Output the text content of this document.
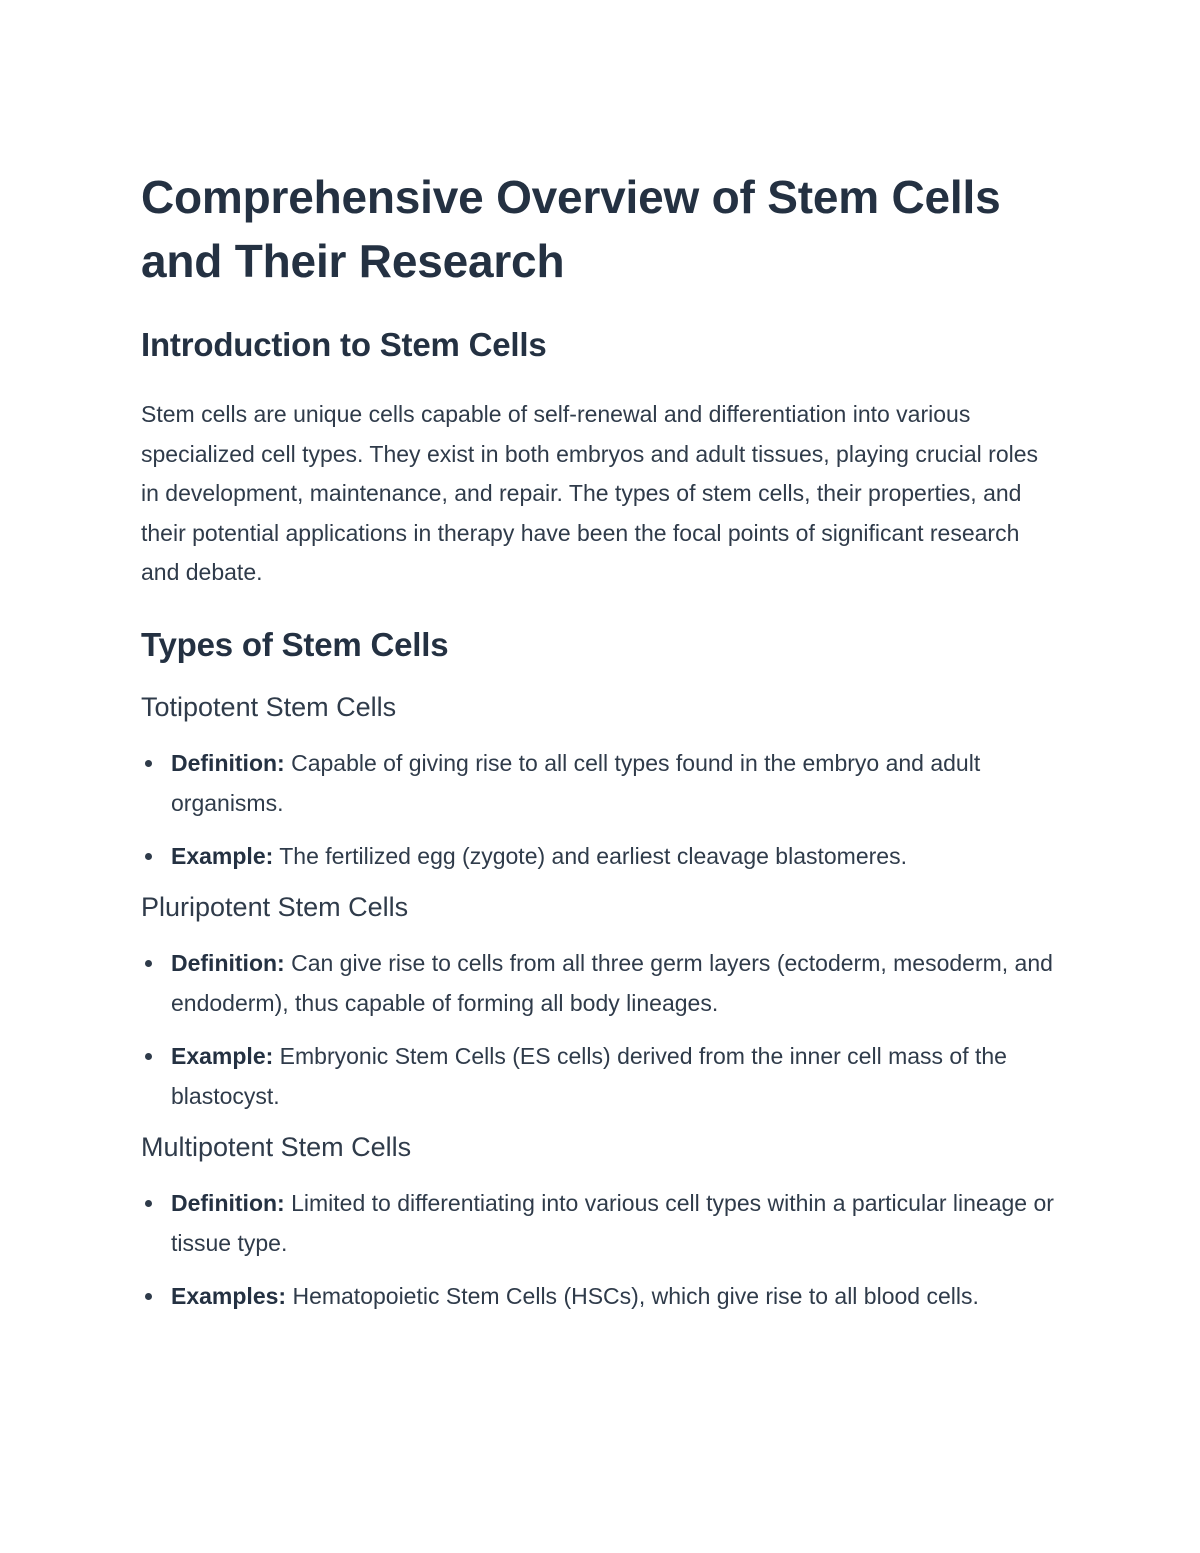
Comprehensive Overview of Stem Cells and Their Research
Introduction to Stem Cells

Stem cells are unique cells capable of self-renewal and differentiation into various specialized cell types. They exist in both embryos and adult tissues, playing crucial roles in development, maintenance, and repair. The types of stem cells, their properties, and their potential applications in therapy have been the focal points of significant research and debate.

Types of Stem Cells
Totipotent Stem Cells
Definition: Capable of giving rise to all cell types found in the embryo and adult organisms.
Example: The fertilized egg (zygote) and earliest cleavage blastomeres.
Pluripotent Stem Cells
Definition: Can give rise to cells from all three germ layers (ectoderm, mesoderm, and endoderm), thus capable of forming all body lineages.
Example: Embryonic Stem Cells (ES cells) derived from the inner cell mass of the blastocyst.
Multipotent Stem Cells
Definition: Limited to differentiating into various cell types within a particular lineage or tissue type.
Examples: Hematopoietic Stem Cells (HSCs), which give rise to all blood cells.
